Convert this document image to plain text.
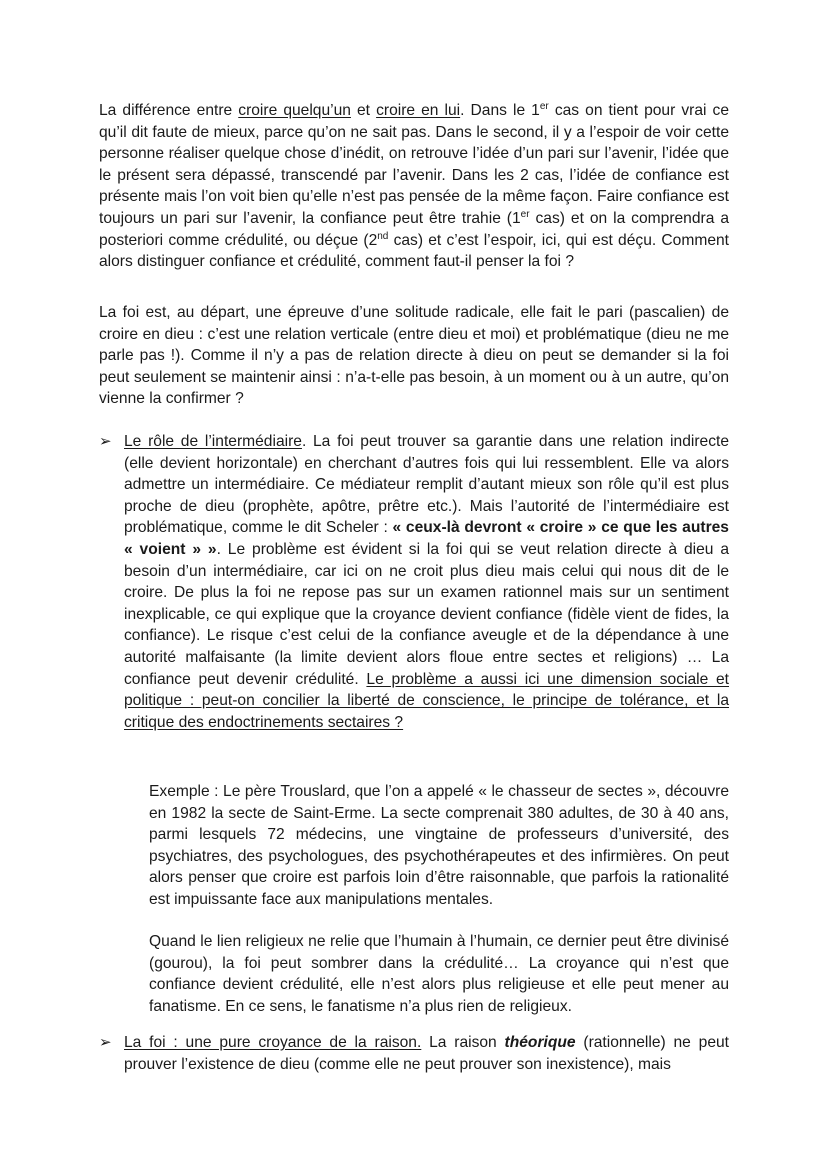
La différence entre croire quelqu’un et croire en lui. Dans le 1er cas on tient pour vrai ce qu’il dit faute de mieux, parce qu’on ne sait pas. Dans le second, il y a l’espoir de voir cette personne réaliser quelque chose d’inédit, on retrouve l’idée d’un pari sur l’avenir, l’idée que le présent sera dépassé, transcendé par l’avenir. Dans les 2 cas, l’idée de confiance est présente mais l’on voit bien qu’elle n’est pas pensée de la même façon. Faire confiance est toujours un pari sur l’avenir, la confiance peut être trahie (1er cas) et on la comprendra a posteriori comme crédulité, ou déçue (2nd cas) et c’est l’espoir, ici, qui est déçu. Comment alors distinguer confiance et crédulité, comment faut-il penser la foi ?

La foi est, au départ, une épreuve d’une solitude radicale, elle fait le pari (pascalien) de croire en dieu : c’est une relation verticale (entre dieu et moi) et problématique (dieu ne me parle pas !). Comme il n’y a pas de relation directe à dieu on peut se demander si la foi peut seulement se maintenir ainsi : n’a-t-elle pas besoin, à un moment ou à un autre, qu’on vienne la confirmer ?

➢ Le rôle de l’intermédiaire. La foi peut trouver sa garantie dans une relation indirecte (elle devient horizontale) en cherchant d’autres fois qui lui ressemblent. Elle va alors admettre un intermédiaire. Ce médiateur remplit d’autant mieux son rôle qu’il est plus proche de dieu (prophète, apôtre, prêtre etc.). Mais l’autorité de l’intermédiaire est problématique, comme le dit Scheler : « ceux-là devront « croire » ce que les autres « voient » ». Le problème est évident si la foi qui se veut relation directe à dieu a besoin d’un intermédiaire, car ici on ne croit plus dieu mais celui qui nous dit de le croire. De plus la foi ne repose pas sur un examen rationnel mais sur un sentiment inexplicable, ce qui explique que la croyance devient confiance (fidèle vient de fides, la confiance). Le risque c’est celui de la confiance aveugle et de la dépendance à une autorité malfaisante (la limite devient alors floue entre sectes et religions) … La confiance peut devenir crédulité. Le problème a aussi ici une dimension sociale et politique : peut-on concilier la liberté de conscience, le principe de tolérance, et la critique des endoctrinements sectaires ?

Exemple : Le père Trouslard, que l’on a appelé « le chasseur de sectes », découvre en 1982 la secte de Saint-Erme. La secte comprenait 380 adultes, de 30 à 40 ans, parmi lesquels 72 médecins, une vingtaine de professeurs d’université, des psychiatres, des psychologues, des psychothérapeutes et des infirmières. On peut alors penser que croire est parfois loin d’être raisonnable, que parfois la rationalité est impuissante face aux manipulations mentales.

Quand le lien religieux ne relie que l’humain à l’humain, ce dernier peut être divinisé (gourou), la foi peut sombrer dans la crédulité… La croyance qui n’est que confiance devient crédulité, elle n’est alors plus religieuse et elle peut mener au fanatisme. En ce sens, le fanatisme n’a plus rien de religieux.

➢ La foi : une pure croyance de la raison. La raison théorique (rationnelle) ne peut prouver l’existence de dieu (comme elle ne peut prouver son inexistence), mais
